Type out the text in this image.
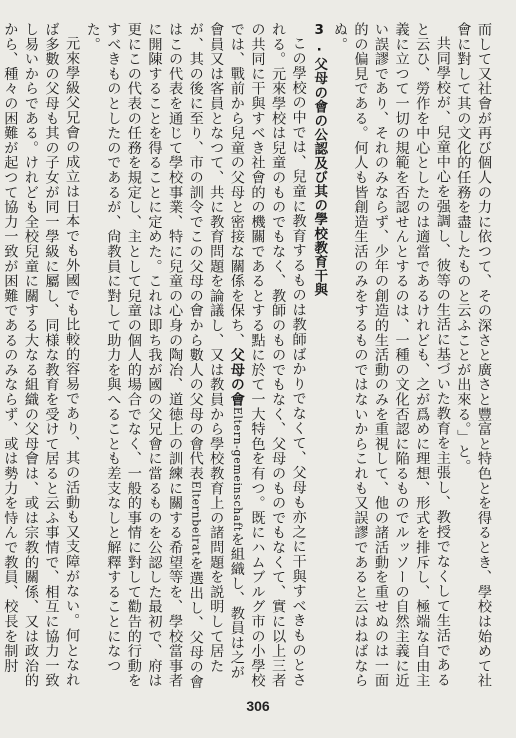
而して又社會が再び個人の力に依つて、その深さと廣さと豐富と特色とを得るとき、學校は始めて社會に對して其の文化的任務を盡したものと云ふことが出來る。」と。

共同學校が、兒童中心を强調し、彼等の生活に基づいた教育を主張し、教授でなくして生活であると云ひ、勞作を中心としたのは適當であるけれども、之が爲めに理想、形式を排斥し、極端な自由主義に立つて一切の規範を否認せんとするのは、一種の文化否認に陥るものでルッソーの自然主義に近い誤謬であり、それのみならず、少年の創造的生活動のみを重視して、他の諸活動を重せぬのは一面的の偏見である。何人も皆創造生活のみをするものではないからこれも又誤謬であると云はねばならぬ。

3.父母の會の公認及び其の學校教育干與

この學校の中では、兒童に教育するものは教師ばかりでなくて、父母も亦之に干與すべきものとされる。元來學校は兒童のものでもなく、教師のものでもなく、父母のものでもなくて、實に以上三者の共同に干與すべき社會的の機關であるとする點に於て一大特色を有つ。既にハムブルグ市の小學校では、戰前から兒童の父母と密接な關係を保ち、父母の會Eltern-gemeinschaftを組織し、教員は之が會員又は客員となつて、共に教育問題を論議し、又は教員から學校教育上の諸問題を説明して居たが、其の後に至り、市の訓令でこの父母の會から數人の父母の會代表Elternbeiratを選出し、父母の會はこの代表を通じて學校事業、特に兒童の心身の陶冶、道徳上の訓練に關する希望等を、學校當事者に開陳することを得ることに定めた。これは即ち我が國の父兄會に當るものを公認した最初で、府は更にこの代表の任務を規定し、主として兒童の個人的場合でなく、一般的事情に對して勸告的行動をすべきものとしたのであるが、尙教員に對して助力を與へることも差支なしと解釋することになつた。

元來學級父兄會の成立は日本でも外國でも比較的容易であり、其の活動も又支障がない。何となれば多數の父母も其の子女が同一學級に屬し、同様な教育を受けて居ると云ふ事情で、相互に協力一致し易いからである。けれども全校兒童に關する大なる組織の父母會は、或は宗教的關係、又は政治的から、種々の困難が起つて協力一致が困難であるのみならず、或は勢力を恃んで教員、校長を制肘

306
